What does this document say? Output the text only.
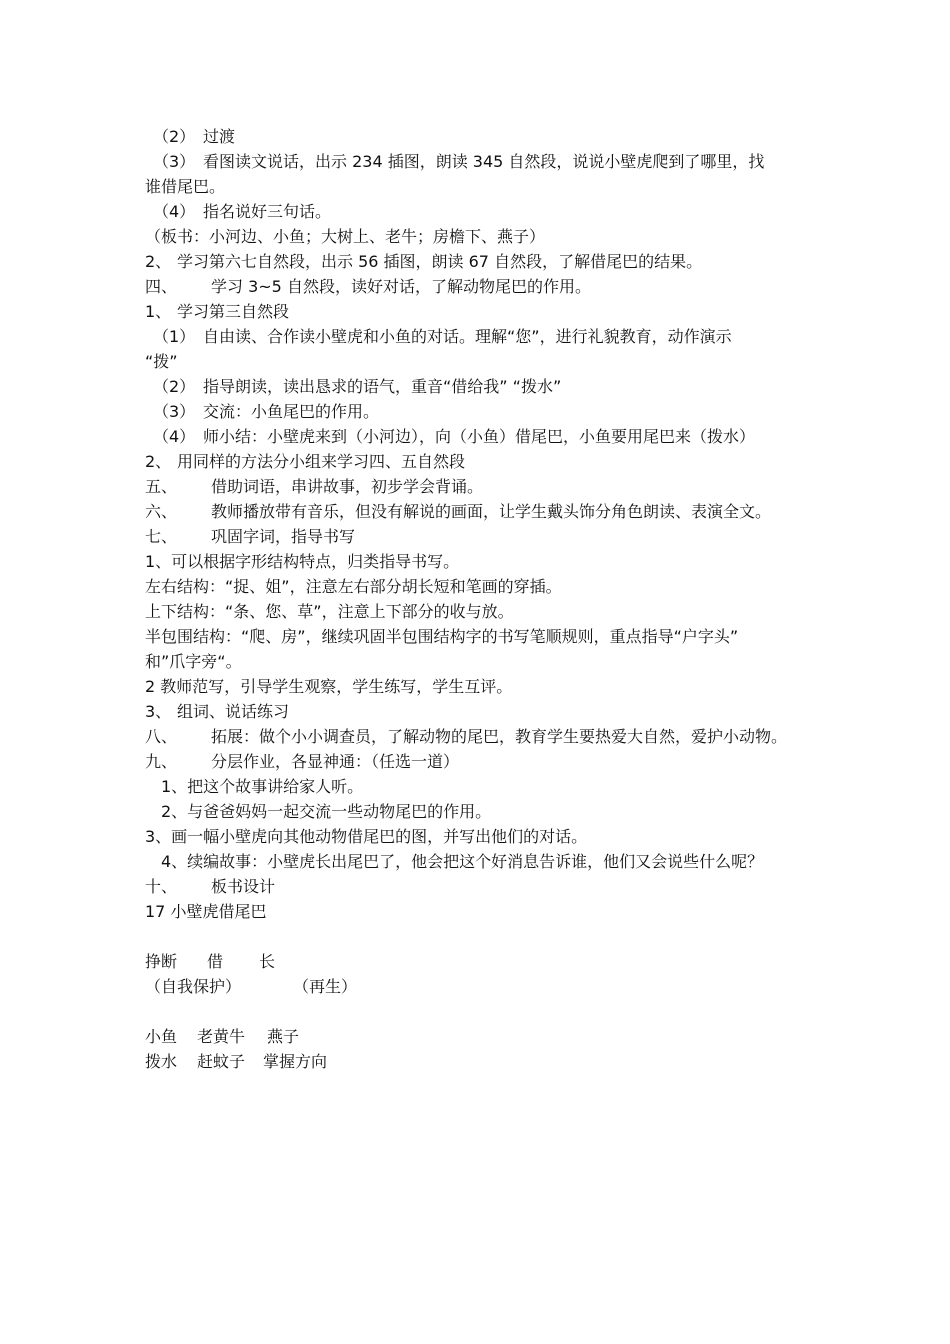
（2） 过渡
（3） 看图读文说话，出示 234 插图，朗读 345 自然段，说说小壁虎爬到了哪里，找
谁借尾巴。
（4） 指名说好三句话。
（板书：小河边、小鱼；大树上、老牛；房檐下、燕子）
2、 学习第六七自然段，出示 56 插图，朗读 67 自然段，了解借尾巴的结果。
四、 学习 3~5 自然段，读好对话，了解动物尾巴的作用。
1、 学习第三自然段
（1） 自由读、合作读小壁虎和小鱼的对话。理解“您”，进行礼貌教育，动作演示
“拨”
（2） 指导朗读，读出恳求的语气，重音“借给我” “拨水”
（3） 交流：小鱼尾巴的作用。
（4） 师小结：小壁虎来到（小河边），向（小鱼）借尾巴，小鱼要用尾巴来（拨水）
2、 用同样的方法分小组来学习四、五自然段
五、 借助词语，串讲故事，初步学会背诵。
六、 教师播放带有音乐，但没有解说的画面，让学生戴头饰分角色朗读、表演全文。
七、 巩固字词，指导书写
1、可以根据字形结构特点，归类指导书写。
左右结构：“捉、姐”，注意左右部分胡长短和笔画的穿插。
上下结构：“条、您、草”，注意上下部分的收与放。
半包围结构：“爬、房”，继续巩固半包围结构字的书写笔顺规则，重点指导“户字头”
和”爪字旁“。
2 教师范写，引导学生观察，学生练写，学生互评。
3、 组词、说话练习
八、 拓展：做个小小调查员，了解动物的尾巴，教育学生要热爱大自然，爱护小动物。
九、 分层作业，各显神通：（任选一道）
1、把这个故事讲给家人听。
2、与爸爸妈妈一起交流一些动物尾巴的作用。
3、画一幅小壁虎向其他动物借尾巴的图，并写出他们的对话。
4、续编故事：小壁虎长出尾巴了，他会把这个好消息告诉谁，他们又会说些什么呢？
十、 板书设计
17 小壁虎借尾巴
挣断 借 长
（自我保护）	（再生）
小鱼 老黄牛 燕子
拨水 赶蚊子 掌握方向
